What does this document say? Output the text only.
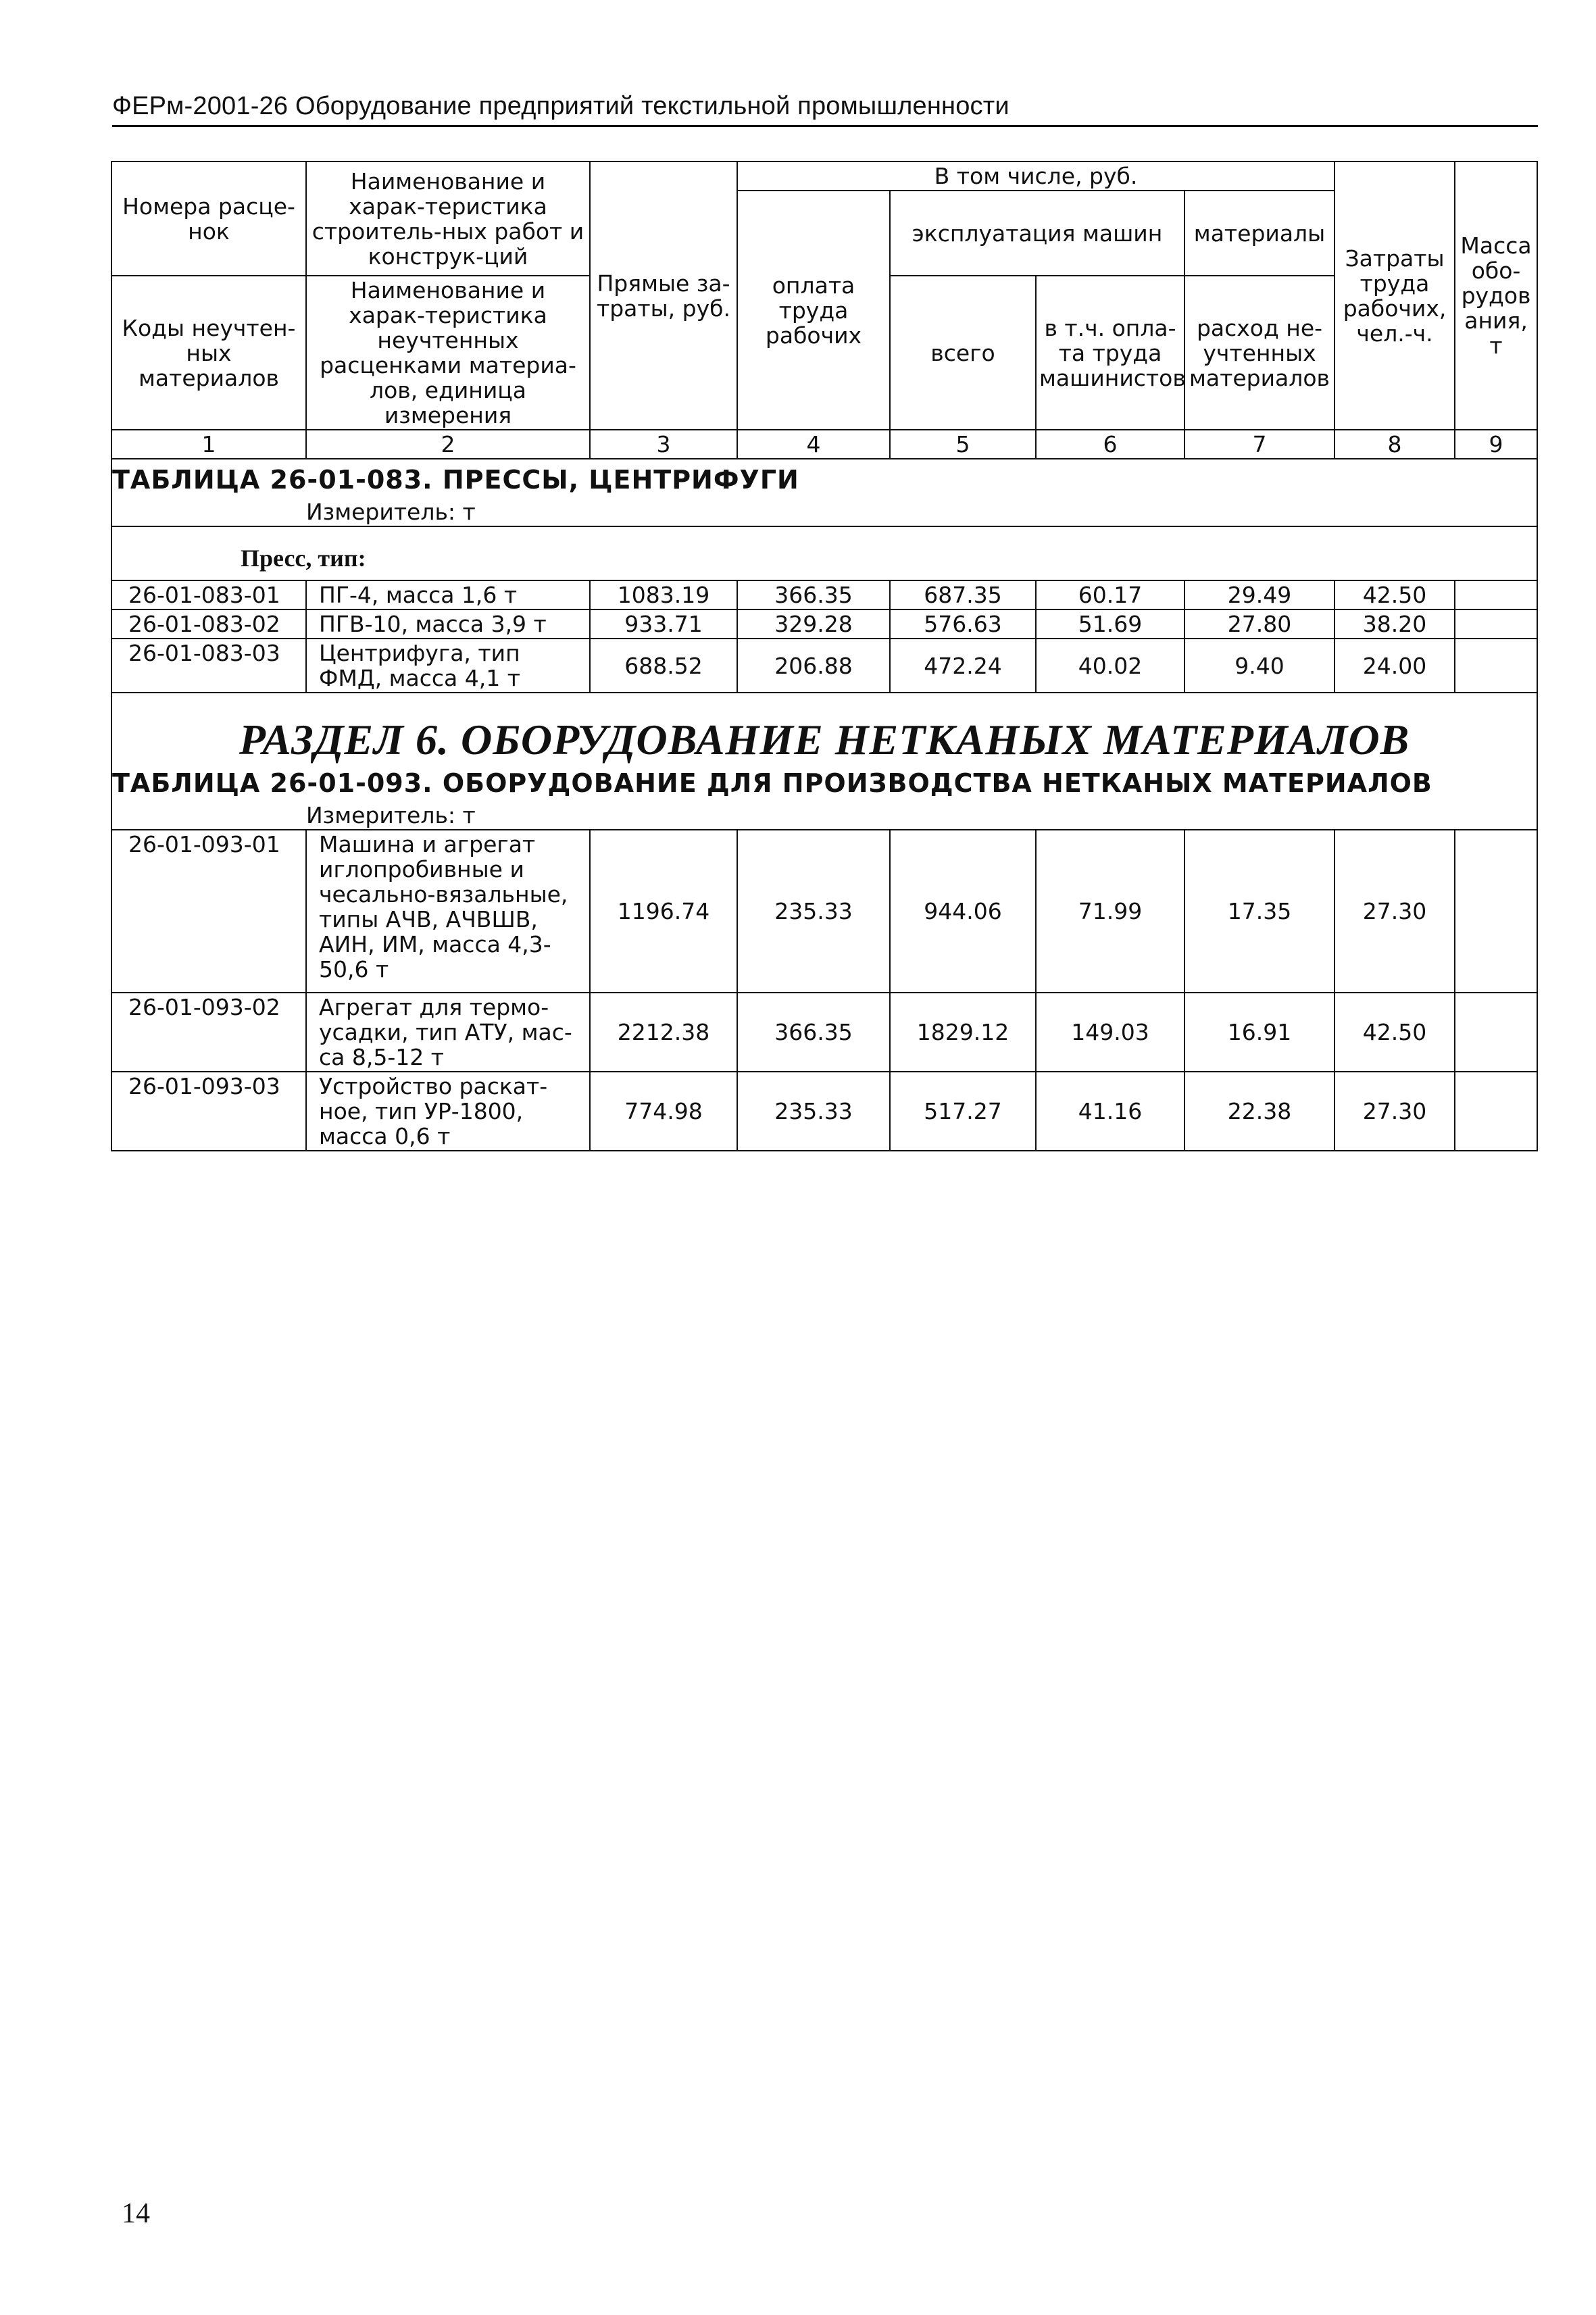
ФЕРм-2001-26 Оборудование предприятий текстильной промышленности
Номера расце-нок	Наименование и харак-теристика строитель-ных работ и конструк-ций	Прямые за-траты, руб.	В том числе, руб.				Затраты труда рабочих, чел.-ч.	Масса обо-рудов ания, т
			оплата труда рабочих	эксплуатация машин		материалы		
Коды неучтен-ных материалов	Наименование и харак-теристика неучтенных расценками материа-лов, единица измерения			всего	в т.ч. опла-та труда машинистов	расход не-учтенных материалов		

1	2	3	4	5	6	7	8	9
ТАБЛИЦА 26-01-083. ПРЕССЫ, ЦЕНТРИФУГИ								
	Измеритель: т							
Пресс, тип:								
26-01-083-01	ПГ-4, масса 1,6 т	1083.19	366.35	687.35	60.17	29.49	42.50	
26-01-083-02	ПГВ-10, масса 3,9 т	933.71	329.28	576.63	51.69	27.80	38.20	
26-01-083-03	Центрифуга, тип ФМД, масса 4,1 т	688.52	206.88	472.24	40.02	9.40	24.00	
РАЗДЕЛ 6. ОБОРУДОВАНИЕ НЕТКАНЫХ МАТЕРИАЛОВ								
ТАБЛИЦА 26-01-093. ОБОРУДОВАНИЕ ДЛЯ ПРОИЗВОДСТВА НЕТКАНЫХ МАТЕРИАЛОВ								
	Измеритель: т							
26-01-093-01	Машина и агрегат иглопробивные и чесально-вязальные, типы АЧВ, АЧВШВ, АИН, ИМ, масса 4,3-50,6 т	1196.74	235.33	944.06	71.99	17.35	27.30	
26-01-093-02	Агрегат для термо-усадки, тип АТУ, мас-са 8,5-12 т	2212.38	366.35	1829.12	149.03	16.91	42.50	
26-01-093-03	Устройство раскат-ное, тип УР-1800, масса 0,6 т	774.98	235.33	517.27	41.16	22.38	27.30	
14
